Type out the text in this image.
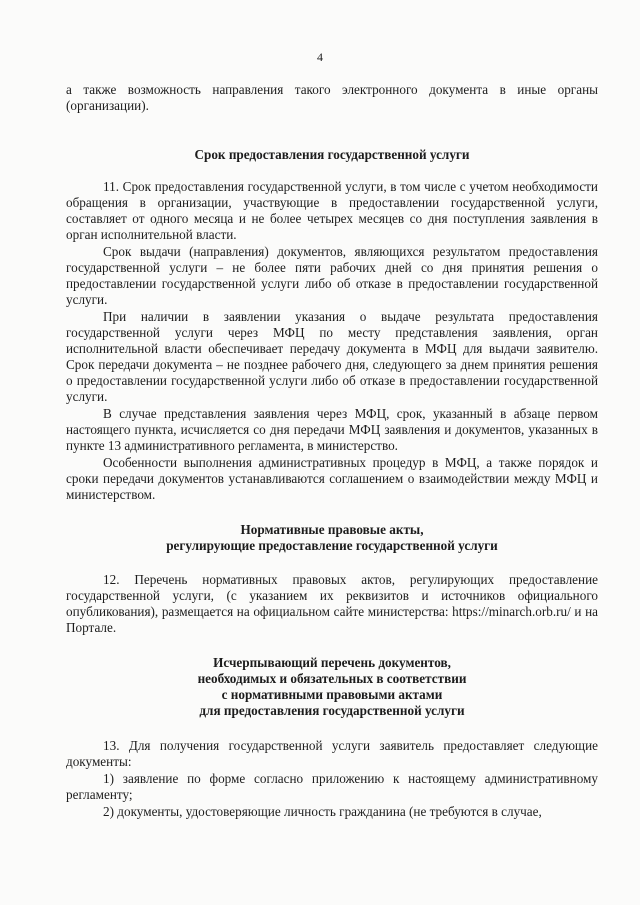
4

а также возможность направления такого электронного документа в иные органы (организации).

Срок предоставления государственной услуги

11. Срок предоставления государственной услуги, в том числе с учетом необходимости обращения в организации, участвующие в предоставлении государственной услуги, составляет от одного месяца и не более четырех месяцев со дня поступления заявления в орган исполнительной власти.

Срок выдачи (направления) документов, являющихся результатом предоставления государственной услуги – не более пяти рабочих дней со дня принятия решения о предоставлении государственной услуги либо об отказе в предоставлении государственной услуги.

При наличии в заявлении указания о выдаче результата предоставления государственной услуги через МФЦ по месту представления заявления, орган исполнительной власти обеспечивает передачу документа в МФЦ для выдачи заявителю. Срок передачи документа – не позднее рабочего дня, следующего за днем принятия решения о предоставлении государственной услуги либо об отказе в предоставлении государственной услуги.

В случае представления заявления через МФЦ, срок, указанный в абзаце первом настоящего пункта, исчисляется со дня передачи МФЦ заявления и документов, указанных в пункте 13 административного регламента, в министерство.

Особенности выполнения административных процедур в МФЦ, а также порядок и сроки передачи документов устанавливаются соглашением о взаимодействии между МФЦ и министерством.

Нормативные правовые акты,

регулирующие предоставление государственной услуги

12. Перечень нормативных правовых актов, регулирующих предоставление государственной услуги, (с указанием их реквизитов и источников официального опубликования), размещается на официальном сайте министерства: https://minarch.orb.ru/ и на Портале.

Исчерпывающий перечень документов,

необходимых и обязательных в соответствии

с нормативными правовыми актами

для предоставления государственной услуги

13. Для получения государственной услуги заявитель предоставляет следующие документы:

1) заявление по форме согласно приложению к настоящему административному регламенту;

2) документы, удостоверяющие личность гражданина (не требуются в случае,
